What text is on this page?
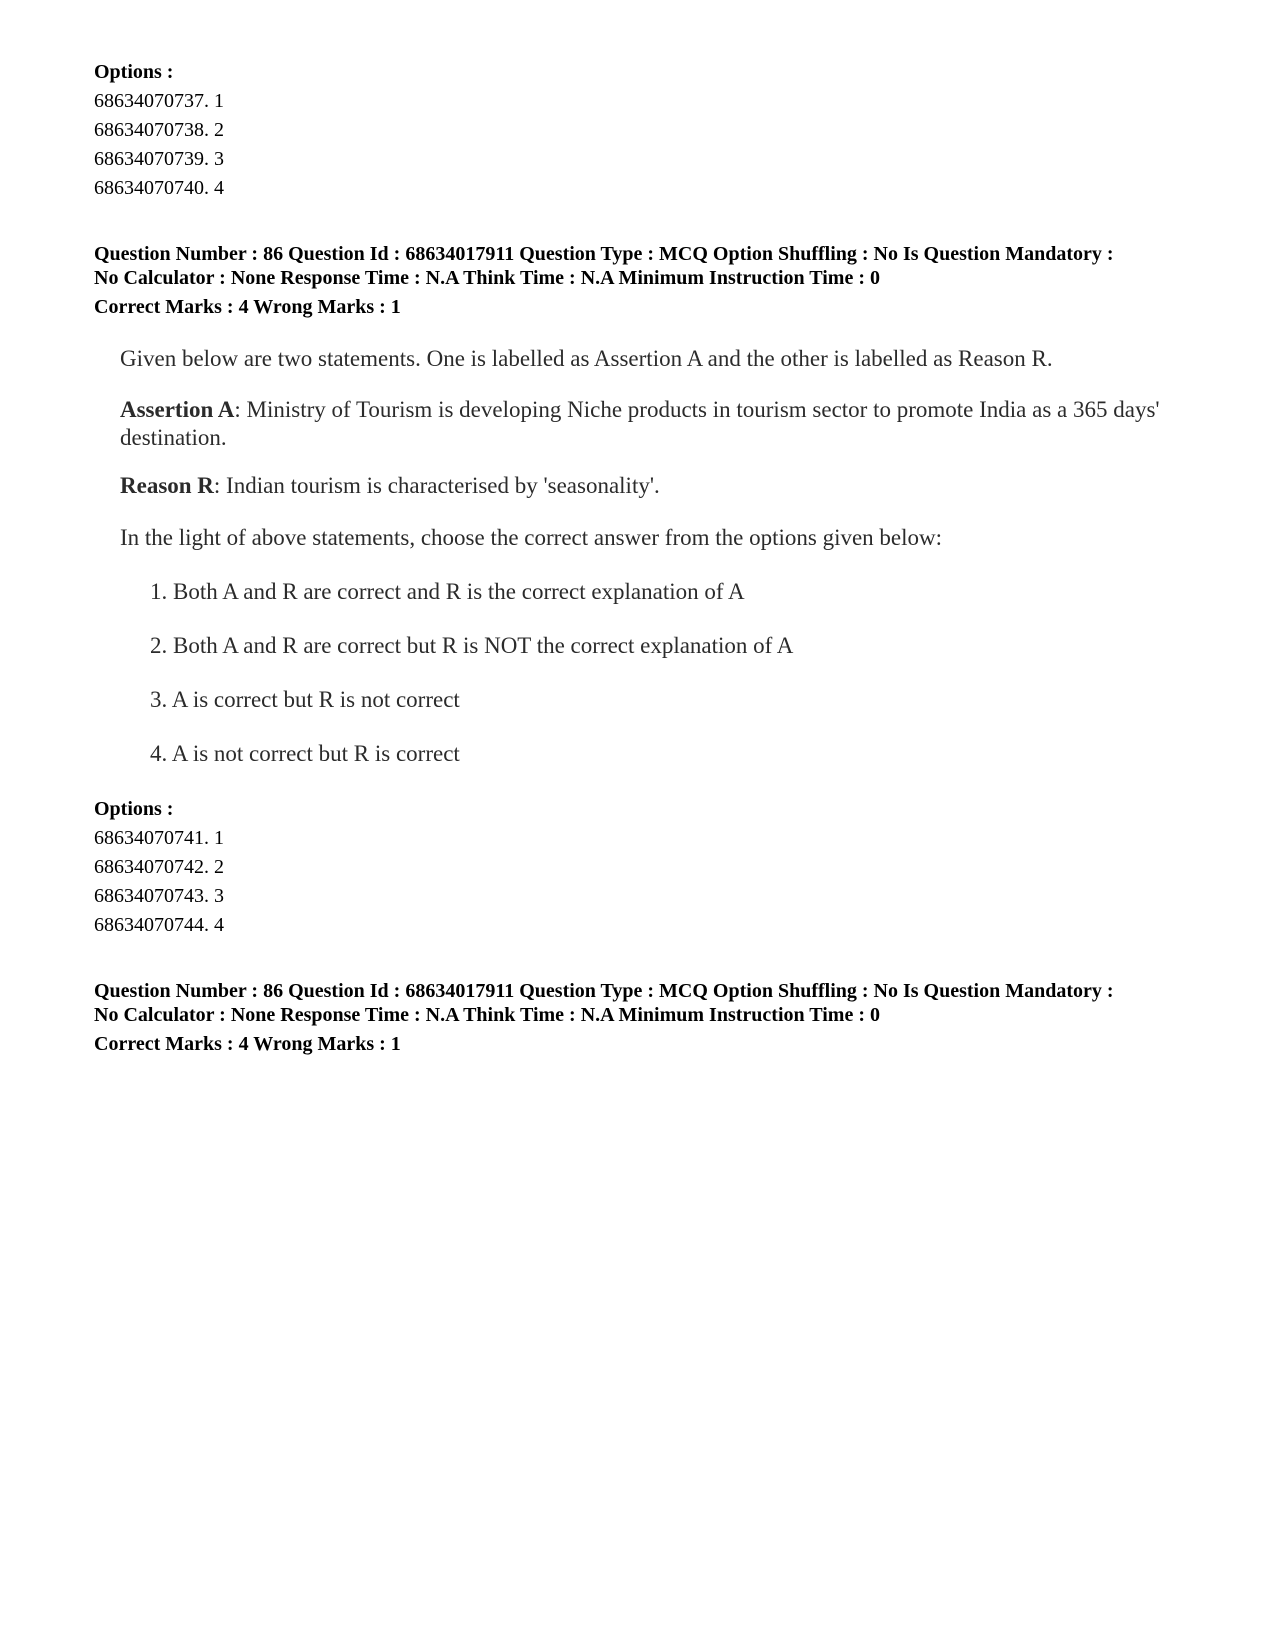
Options :

68634070737. 1

68634070738. 2

68634070739. 3

68634070740. 4

Question Number : 86 Question Id : 68634017911 Question Type : MCQ Option Shuffling : No Is Question Mandatory :

No Calculator : None Response Time : N.A Think Time : N.A Minimum Instruction Time : 0

Correct Marks : 4 Wrong Marks : 1

Given below are two statements. One is labelled as Assertion A and the other is labelled as Reason R.

Assertion A: Ministry of Tourism is developing Niche products in tourism sector to promote India as a 365 days' destination.

Reason R: Indian tourism is characterised by 'seasonality'.

In the light of above statements, choose the correct answer from the options given below:

1. Both A and R are correct and R is the correct explanation of A
2. Both A and R are correct but R is NOT the correct explanation of A
3. A is correct but R is not correct
4. A is not correct but R is correct

Options :

68634070741. 1

68634070742. 2

68634070743. 3

68634070744. 4

Question Number : 86 Question Id : 68634017911 Question Type : MCQ Option Shuffling : No Is Question Mandatory :

No Calculator : None Response Time : N.A Think Time : N.A Minimum Instruction Time : 0

Correct Marks : 4 Wrong Marks : 1
